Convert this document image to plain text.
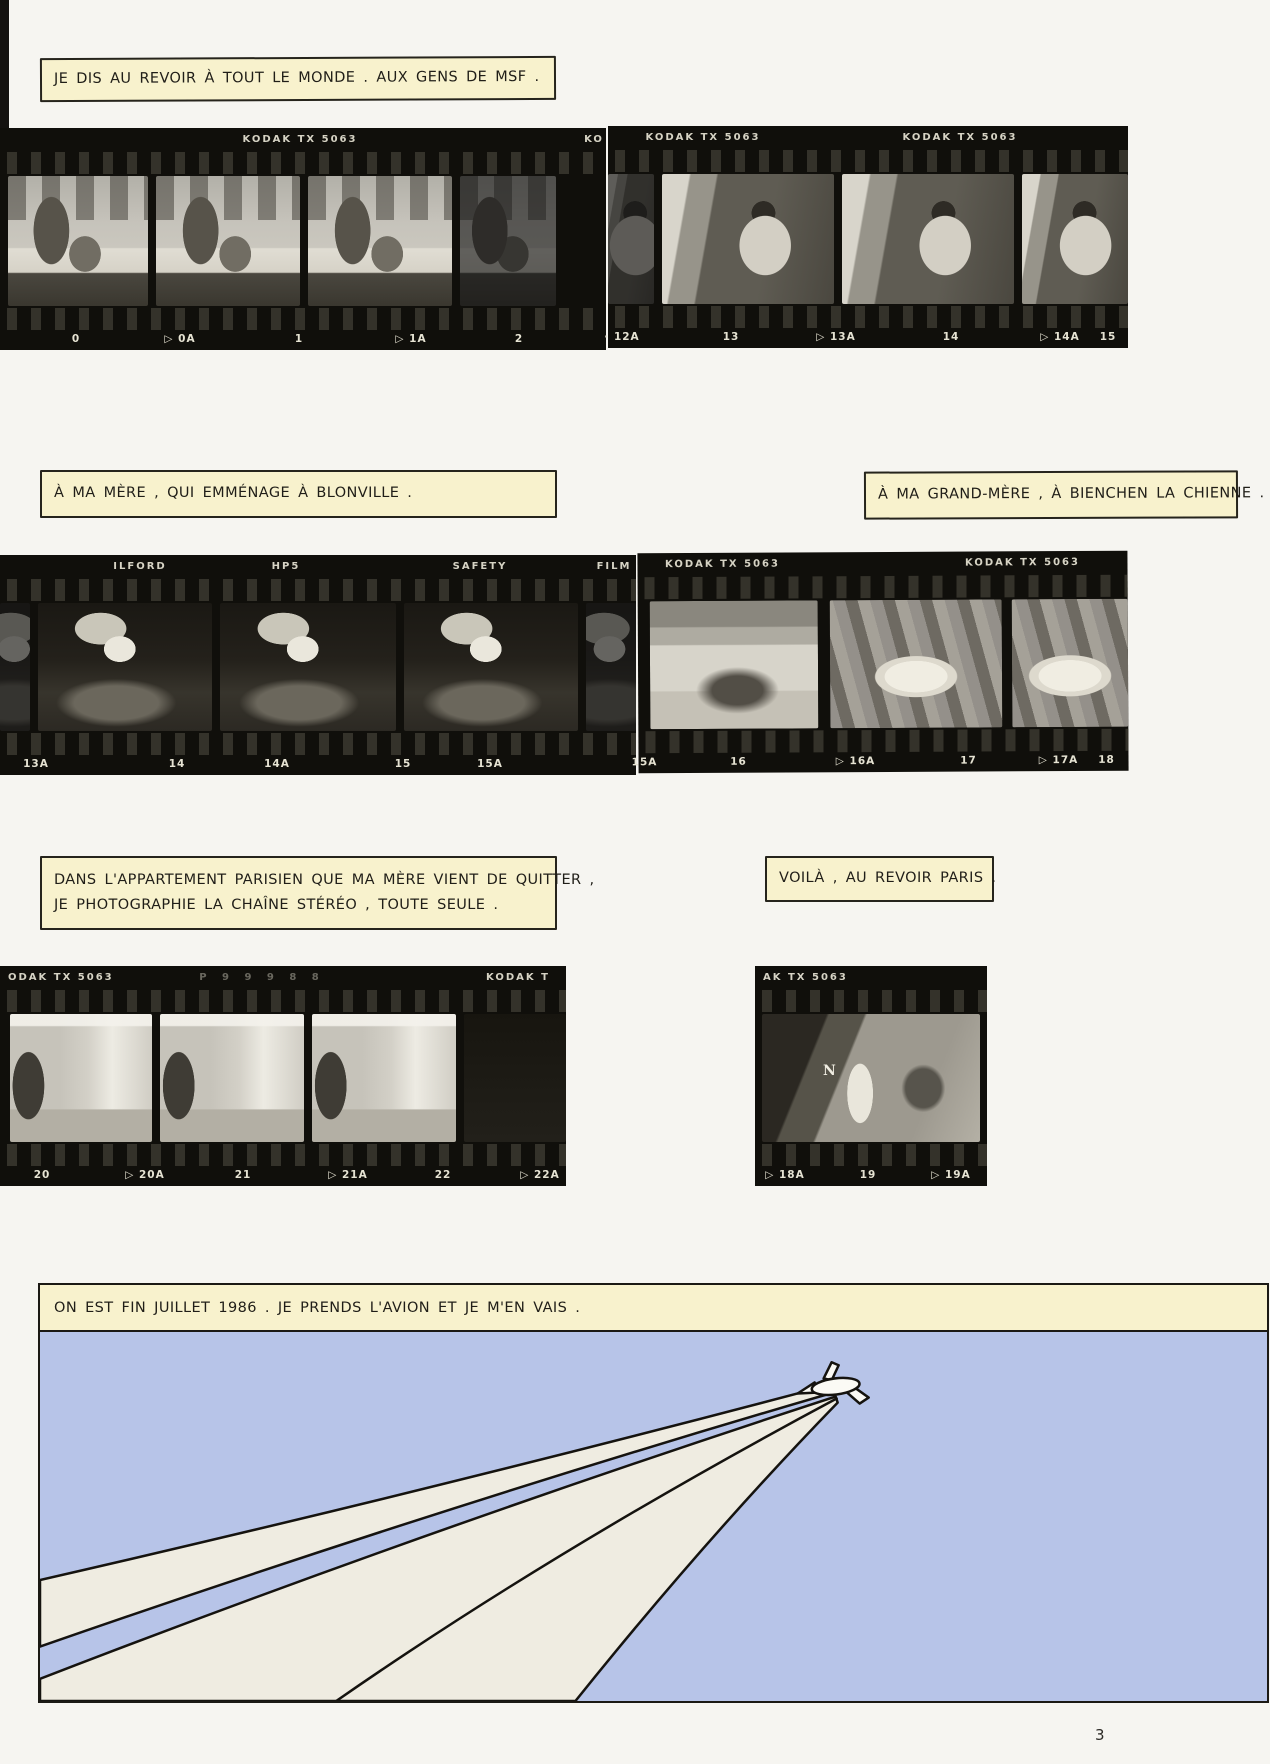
JE DIS AU REVOIR À TOUT LE MONDE . AUX GENS DE MSF .
À MA MÈRE , QUI EMMÉNAGE À BLONVILLE .	À MA GRAND-MÈRE , À BIENCHEN LA CHIENNE .
DANS L'APPARTEMENT PARISIEN QUE MA MÈRE VIENT DE QUITTER ,
JE PHOTOGRAPHIE LA CHAÎNE STÉRÉO , TOUTE SEULE .
VOILÀ , AU REVOIR PARIS .
KODAK TX 5063	KO
0	▷ 0A	1	▷ 1A	2
KODAK TX 5063	KODAK TX 5063
· 12A	13	▷ 13A	14	▷ 14A 15
ILFORD	HP5	SAFETY	FILM
13A	14	14A	15	15A
KODAK TX 5063	KODAK TX 5063
15A	16	▷ 16A	17	▷ 17A 18
ODAK TX 5063	P 9 9 9 8 8	KODAK T
20	▷ 20A	21	▷ 21A	22	▷ 22A
AK TX 5063
N
▷ 18A	19	▷ 19A
ON EST FIN JUILLET 1986 . JE PRENDS L'AVION ET JE M'EN VAIS .
3
